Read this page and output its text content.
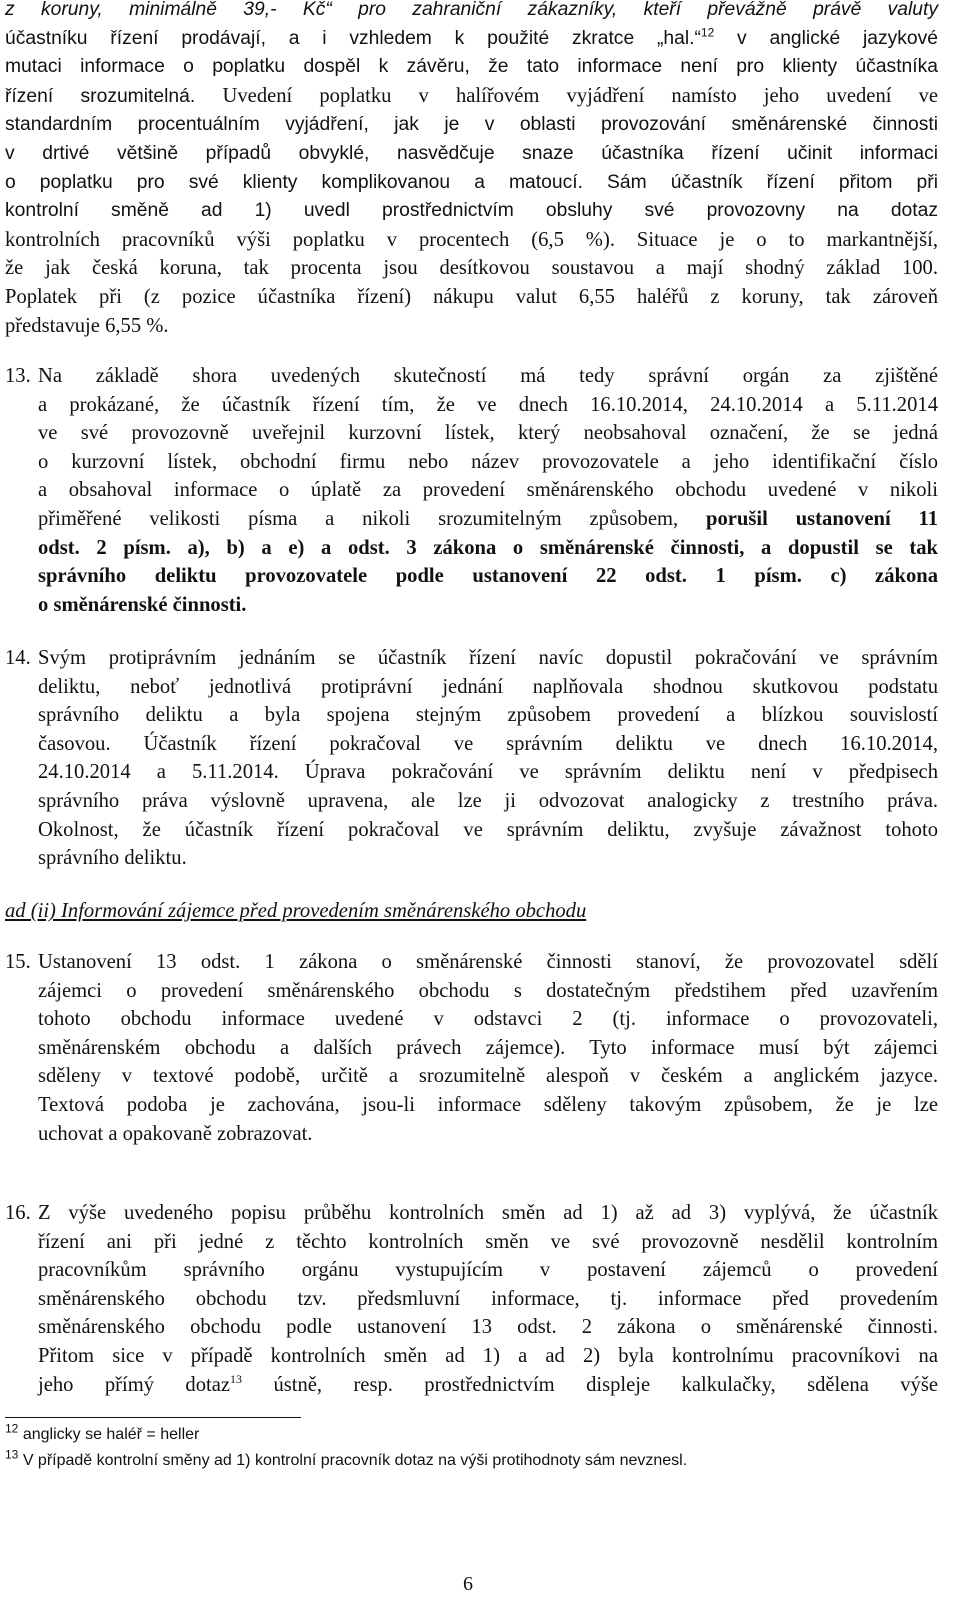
z koruny, minimálně 39,- Kč“ pro zahraniční zákazníky, kteří převážně právě valuty
účastníku řízení prodávají, a i vzhledem k použité zkratce „hal.“$^{12}$ v anglické jazykové
mutaci informace o poplatku dospěl k závěru, že tato informace není pro klienty účastníka
řízení srozumitelná. Uvedení poplatku v halířovém vyjádření namísto jeho uvedení ve
standardním procentuálním vyjádření, jak je v oblasti provozování směnárenské činnosti
v drtivé většině případů obvyklé, nasvědčuje snaze účastníka řízení učinit informaci
o poplatku pro své klienty komplikovanou a matoucí. Sám účastník řízení přitom při
kontrolní směně ad 1) uvedl prostřednictvím obsluhy své provozovny na dotaz
kontrolních pracovníků výši poplatku v procentech (6,5 %). Situace je o to markantnější,
že jak česká koruna, tak procenta jsou desítkovou soustavou a mají shodný základ 100.
Poplatek při (z pozice účastníka řízení) nákupu valut 6,55 haléřů z koruny, tak zároveň
představuje 6,55 %.
13. Na základě shora uvedených skutečností má tedy správní orgán za zjištěné
a prokázané, že účastník řízení tím, že ve dnech 16.10.2014, 24.10.2014 a 5.11.2014
ve své provozovně uveřejnil kurzovní lístek, který neobsahoval označení, že se jedná
o kurzovní lístek, obchodní firmu nebo název provozovatele a jeho identifikační číslo
a obsahoval informace o úplatě za provedení směnárenského obchodu uvedené v nikoli
přiměřené velikosti písma a nikoli srozumitelným způsobem, porušil ustanovení 11
odst. 2 písm. a), b) a e) a odst. 3 zákona o směnárenské činnosti, a dopustil se tak
správního deliktu provozovatele podle ustanovení 22 odst. 1 písm. c) zákona
o směnárenské činnosti.
14. Svým protiprávním jednáním se účastník řízení navíc dopustil pokračování ve správním
deliktu, neboť jednotlivá protiprávní jednání naplňovala shodnou skutkovou podstatu
správního deliktu a byla spojena stejným způsobem provedení a blízkou souvislostí
časovou. Účastník řízení pokračoval ve správním deliktu ve dnech 16.10.2014,
24.10.2014 a 5.11.2014. Úprava pokračování ve správním deliktu není v předpisech
správního práva výslovně upravena, ale lze ji odvozovat analogicky z trestního práva.
Okolnost, že účastník řízení pokračoval ve správním deliktu, zvyšuje závažnost tohoto
správního deliktu.
ad (ii) Informování zájemce před provedením směnárenského obchodu
15. Ustanovení 13 odst. 1 zákona o směnárenské činnosti stanoví, že provozovatel sdělí
zájemci o provedení směnárenského obchodu s dostatečným předstihem před uzavřením
tohoto obchodu informace uvedené v odstavci 2 (tj. informace o provozovateli,
směnárenském obchodu a dalších právech zájemce). Tyto informace musí být zájemci
sděleny v textové podobě, určitě a srozumitelně alespoň v českém a anglickém jazyce.
Textová podoba je zachována, jsou-li informace sděleny takovým způsobem, že je lze
uchovat a opakovaně zobrazovat.
16. Z výše uvedeného popisu průběhu kontrolních směn ad 1) až ad 3) vyplývá, že účastník
řízení ani při jedné z těchto kontrolních směn ve své provozovně nesdělil kontrolním
pracovníkům správního orgánu vystupujícím v postavení zájemců o provedení
směnárenského obchodu tzv. předsmluvní informace, tj. informace před provedením
směnárenského obchodu podle ustanovení 13 odst. 2 zákona o směnárenské činnosti.
Přitom sice v případě kontrolních směn ad 1) a ad 2) byla kontrolnímu pracovníkovi na
jeho přímý dotaz$^{13}$ ústně, resp. prostřednictvím displeje kalkulačky, sdělena výše
$^{12}$ anglicky se haléř = heller
$^{13}$ V případě kontrolní směny ad 1) kontrolní pracovník dotaz na výši protihodnoty sám nevznesl.
6
